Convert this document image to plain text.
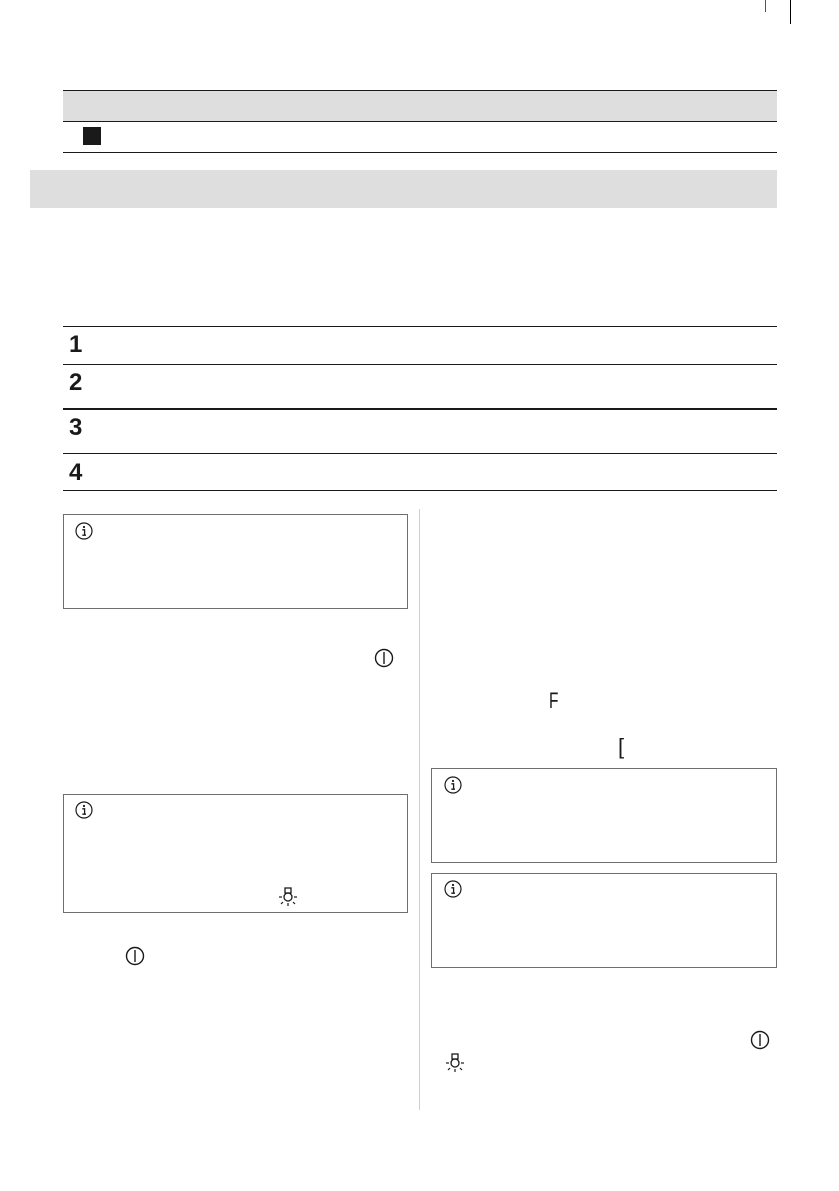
1
2
3
4
F
[
